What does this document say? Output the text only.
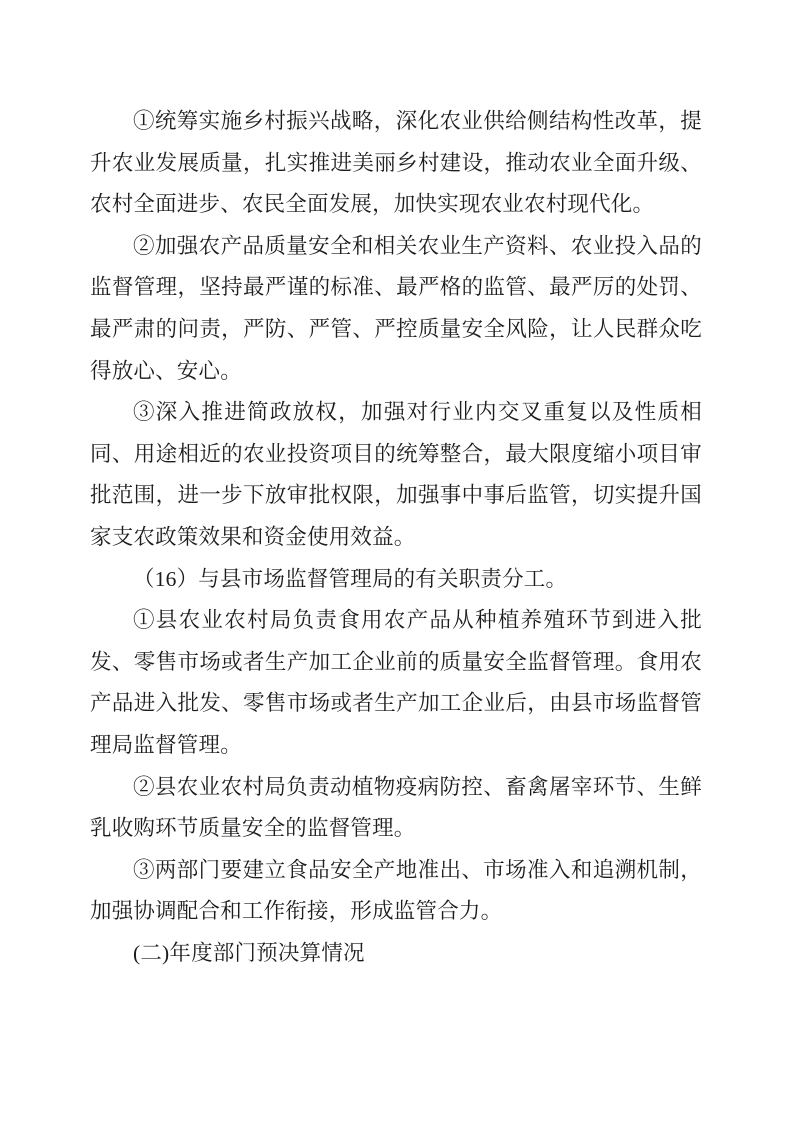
①统筹实施乡村振兴战略，深化农业供给侧结构性改革，提升农业发展质量，扎实推进美丽乡村建设，推动农业全面升级、农村全面进步、农民全面发展，加快实现农业农村现代化。

②加强农产品质量安全和相关农业生产资料、农业投入品的监督管理，坚持最严谨的标准、最严格的监管、最严厉的处罚、最严肃的问责，严防、严管、严控质量安全风险，让人民群众吃得放心、安心。

③深入推进简政放权，加强对行业内交叉重复以及性质相同、用途相近的农业投资项目的统筹整合，最大限度缩小项目审批范围，进一步下放审批权限，加强事中事后监管，切实提升国家支农政策效果和资金使用效益。

（16）与县市场监督管理局的有关职责分工。

①县农业农村局负责食用农产品从种植养殖环节到进入批发、零售市场或者生产加工企业前的质量安全监督管理。食用农产品进入批发、零售市场或者生产加工企业后，由县市场监督管理局监督管理。

②县农业农村局负责动植物疫病防控、畜禽屠宰环节、生鲜乳收购环节质量安全的监督管理。

③两部门要建立食品安全产地准出、市场准入和追溯机制，加强协调配合和工作衔接，形成监管合力。

(二)年度部门预决算情况
